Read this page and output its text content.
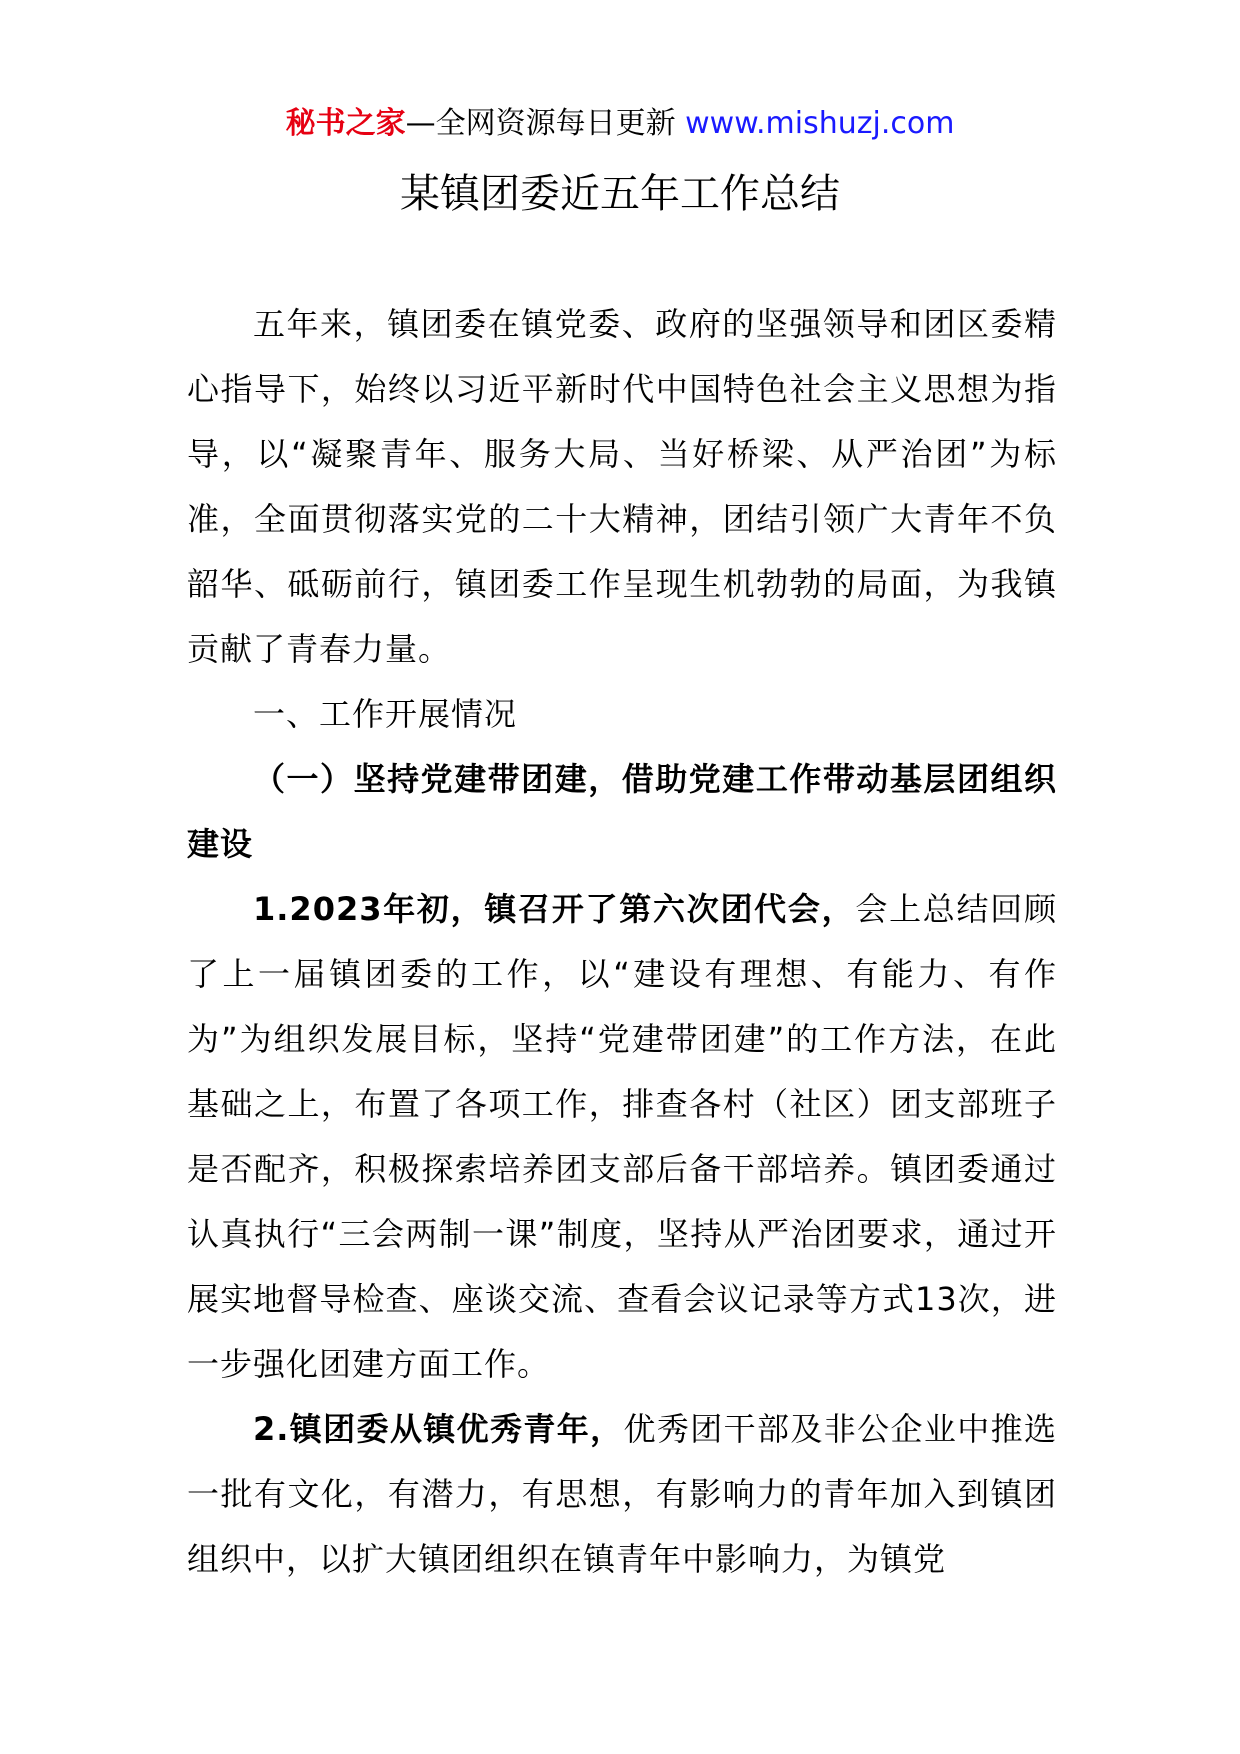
秘书之家—全网资源每日更新 www.mishuzj.com
某镇团委近五年工作总结

五年来，镇团委在镇党委、政府的坚强领导和团区委精心指导下，始终以习近平新时代中国特色社会主义思想为指导，以“凝聚青年、服务大局、当好桥梁、从严治团”为标准，全面贯彻落实党的二十大精神，团结引领广大青年不负韶华、砥砺前行，镇团委工作呈现生机勃勃的局面，为我镇贡献了青春力量。

一、工作开展情况

（一）坚持党建带团建，借助党建工作带动基层团组织建设

1.2023年初，镇召开了第六次团代会，会上总结回顾了上一届镇团委的工作，以“建设有理想、有能力、有作为”为组织发展目标，坚持“党建带团建”的工作方法，在此基础之上，布置了各项工作，排查各村（社区）团支部班子是否配齐，积极探索培养团支部后备干部培养。镇团委通过认真执行“三会两制一课”制度，坚持从严治团要求，通过开展实地督导检查、座谈交流、查看会议记录等方式13次，进一步强化团建方面工作。

2.镇团委从镇优秀青年，优秀团干部及非公企业中推选一批有文化，有潜力，有思想，有影响力的青年加入到镇团组织中，以扩大镇团组织在镇青年中影响力，为镇党
